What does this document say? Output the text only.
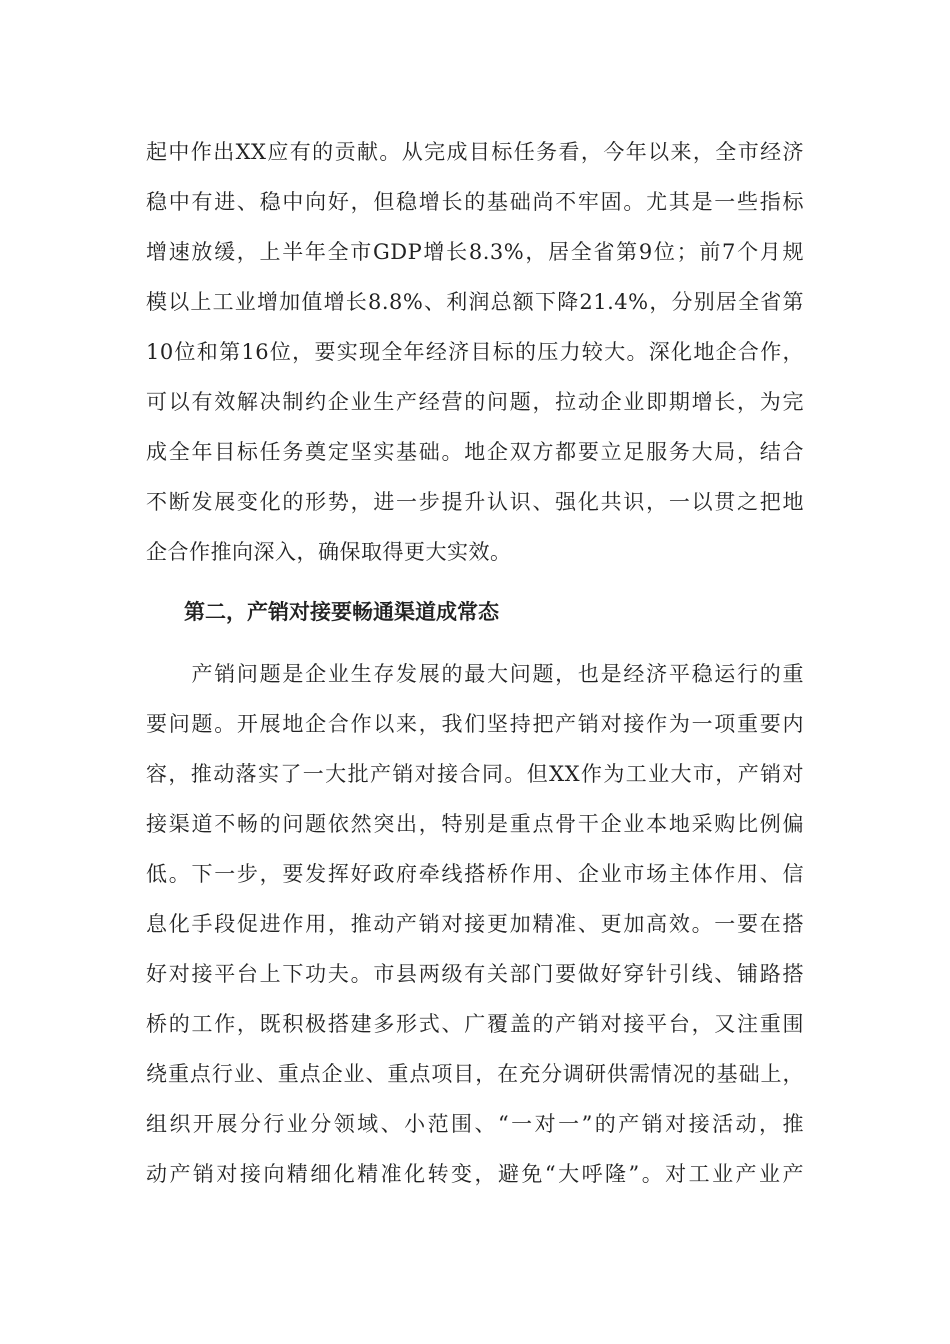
起中作出XX应有的贡献。从完成目标任务看，今年以来，全市经济
稳中有进、稳中向好，但稳增长的基础尚不牢固。尤其是一些指标
增速放缓，上半年全市GDP增长8.3%，居全省第9位；前7个月规
模以上工业增加值增长8.8%、利润总额下降21.4%，分别居全省第
10位和第16位，要实现全年经济目标的压力较大。深化地企合作，
可以有效解决制约企业生产经营的问题，拉动企业即期增长，为完
成全年目标任务奠定坚实基础。地企双方都要立足服务大局，结合
不断发展变化的形势，进一步提升认识、强化共识，一以贯之把地
企合作推向深入，确保取得更大实效。
　　产销问题是企业生存发展的最大问题，也是经济平稳运行的重
要问题。开展地企合作以来，我们坚持把产销对接作为一项重要内
容，推动落实了一大批产销对接合同。但XX作为工业大市，产销对
接渠道不畅的问题依然突出，特别是重点骨干企业本地采购比例偏
低。下一步，要发挥好政府牵线搭桥作用、企业市场主体作用、信
息化手段促进作用，推动产销对接更加精准、更加高效。一要在搭
好对接平台上下功夫。市县两级有关部门要做好穿针引线、铺路搭
桥的工作，既积极搭建多形式、广覆盖的产销对接平台，又注重围
绕重点行业、重点企业、重点项目，在充分调研供需情况的基础上，
组织开展分行业分领域、小范围、“一对一”的产销对接活动，推
动产销对接向精细化精准化转变，避免“大呼隆”。对工业产业产
第二，产销对接要畅通渠道成常态
